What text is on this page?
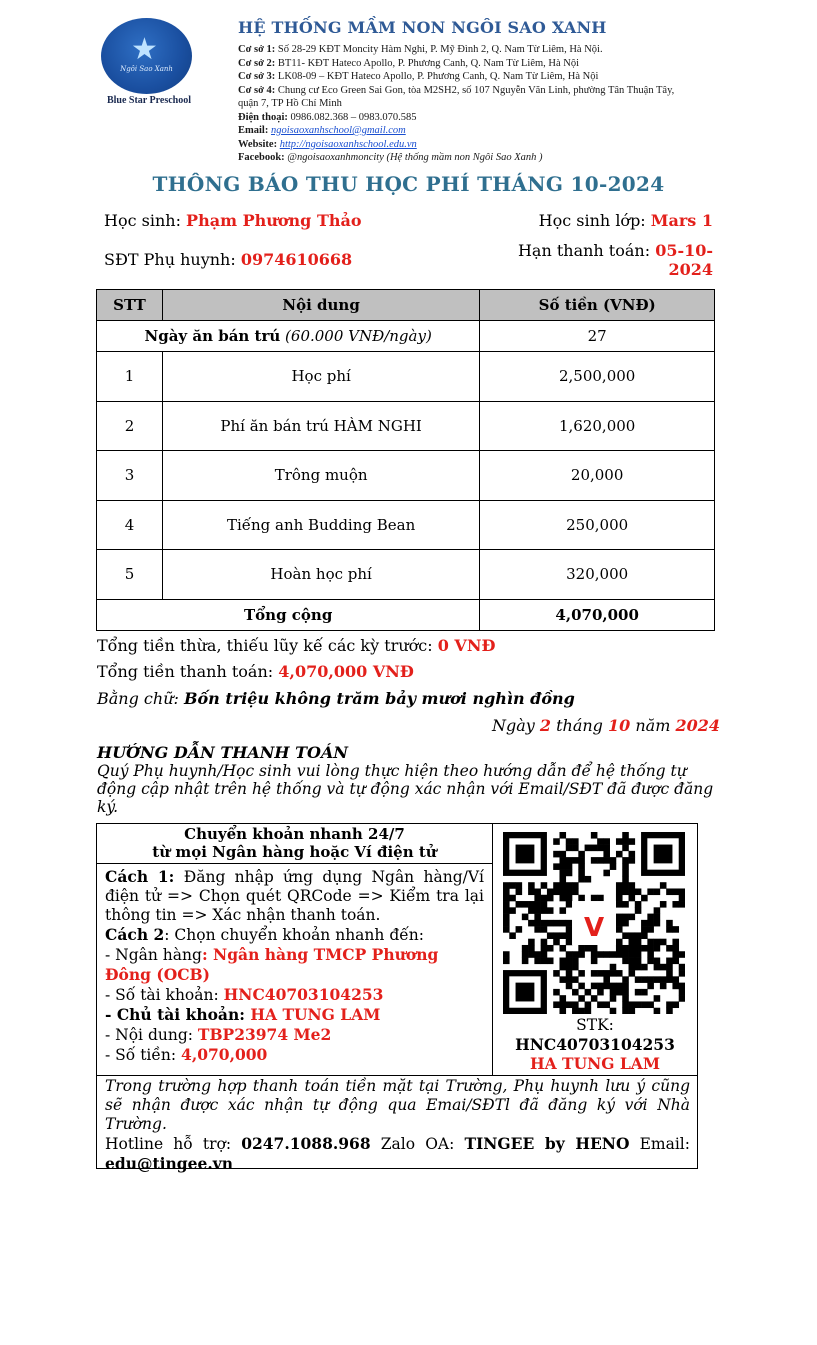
★
Ngôi Sao Xanh
Blue Star Preschool
HỆ THỐNG MẦM NON NGÔI SAO XANH
Cơ sở 1: Số 28-29 KĐT Moncity Hàm Nghi, P. Mỹ Đình 2, Q. Nam Từ Liêm, Hà Nội.
Cơ sở 2: BT11- KĐT Hateco Apollo, P. Phương Canh, Q. Nam Từ Liêm, Hà Nội
Cơ sở 3: LK08-09 – KĐT Hateco Apollo, P. Phương Canh, Q. Nam Từ Liêm, Hà Nội
Cơ sở 4: Chung cư Eco Green Sai Gon, tòa M2SH2, số 107 Nguyễn Văn Linh, phường Tân Thuận Tây, quận 7, TP Hồ Chí Minh
Điện thoại: 0986.082.368 – 0983.070.585
Email: ngoisaoxanhschool@gmail.com
Website: http://ngoisaoxanhschool.edu.vn
Facebook: @ngoisaoxanhmoncity (Hệ thống mầm non Ngôi Sao Xanh )
THÔNG BÁO THU HỌC PHÍ THÁNG 10-2024
Học sinh: Phạm Phương Thảo	Học sinh lớp: Mars 1
SĐT Phụ huynh: 0974610668	Hạn thanh toán: 05-10-
2024
STT	Nội dung	Số tiền (VNĐ)
Ngày ăn bán trú (60.000 VNĐ/ngày)		27
1	Học phí	2,500,000
2	Phí ăn bán trú HÀM NGHI	1,620,000
3	Trông muộn	20,000
4	Tiếng anh Budding Bean	250,000
5	Hoàn học phí	320,000
Tổng cộng		4,070,000
Tổng tiền thừa, thiếu lũy kế các kỳ trước: 0 VNĐ
Tổng tiền thanh toán: 4,070,000 VNĐ
Bằng chữ: Bốn triệu không trăm bảy mươi nghìn đồng
Ngày 2 tháng 10 năm 2024
HƯỚNG DẪN THANH TOÁN
Quý Phụ huynh/Học sinh vui lòng thực hiện theo hướng dẫn để hệ thống tự động cập nhật trên hệ thống và tự động xác nhận với Email/SĐT đã được đăng ký.
Chuyển khoản nhanh 24/7
từ mọi Ngân hàng hoặc Ví điện tử
Cách 1: Đăng nhập ứng dụng Ngân hàng/Ví điện tử => Chọn quét QRCode => Kiểm tra lại thông tin => Xác nhận thanh toán.
Cách 2: Chọn chuyển khoản nhanh đến:
- Ngân hàng: Ngân hàng TMCP Phương Đông (OCB)
- Số tài khoản: HNC40703104253
- Chủ tài khoản: HA TUNG LAM
- Nội dung: TBP23974 Me2
- Số tiền: 4,070,000
V
STK:
HNC40703104253
HA TUNG LAM
Trong trường hợp thanh toán tiền mặt tại Trường, Phụ huynh lưu ý cũng sẽ nhận được xác nhận tự động qua Emai/SĐTl đã đăng ký với Nhà Trường.
Hotline hỗ trợ: 0247.1088.968 Zalo OA: TINGEE by HENO Email: edu@tingee.vn
